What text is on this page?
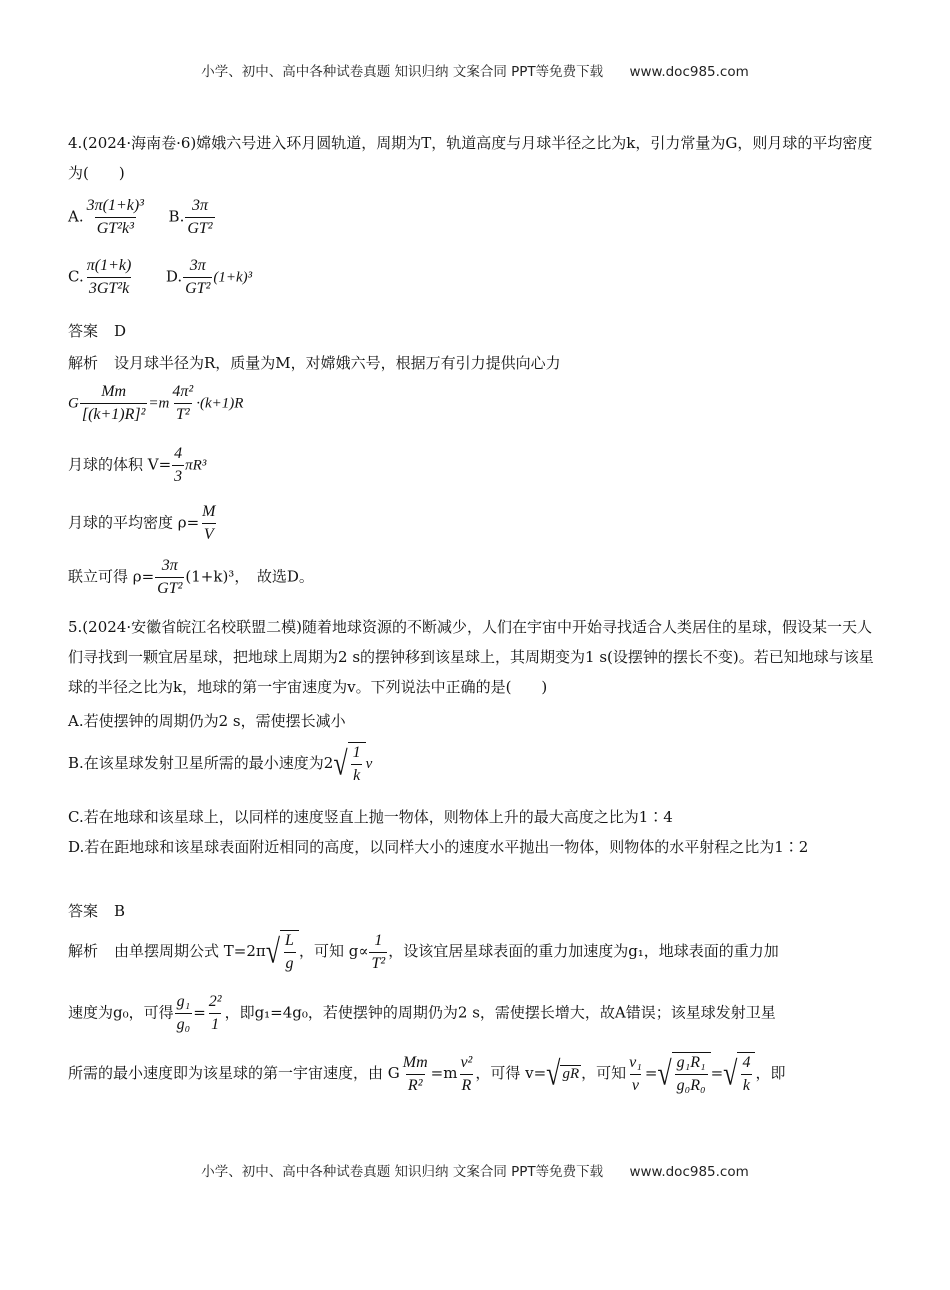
小学、初中、高中各种试卷真题 知识归纳 文案合同 PPT等免费下载 www.doc985.com
4.(2024·海南卷·6)嫦娥六号进入环月圆轨道，周期为T，轨道高度与月球半径之比为k，引力常量为G，则月球的平均密度为(　　)
A. $\frac{\text{3π(1+k)³}}{\text{GT²k³}} B$. $\frac{3\pi}{\text{GT²}}$
C. $\frac{\pi(1+k)}{\text{3GT²k}} D$. $\frac{3\pi}{\text{GT²}} (1+k)^3$
答案 D
解析 设月球半径为R，质量为M，对嫦娥六号，根据万有引力提供向心力
G $\frac{Mm}{\text{[(k+1)R]²}} =m \frac{\text{4π²}}{\text{T²}} \cdot(k+1)R$
月球的体积 $V= \frac{4}{3} \pi R^3$
月球的平均密度 $\rho= \frac{M}{V}$
联立可得 $\rho= \frac{3\pi}{\text{GT²}} (1+k)^3$，　故选D。
5.(2024·安徽省皖江名校联盟二模)随着地球资源的不断减少，人们在宇宙中开始寻找适合人类居住的星球，假设某一天人们寻找到一颗宜居星球，把地球上周期为2 s的摆钟移到该星球上，其周期变为1 s(设摆钟的摆长不变)。若已知地球与该星球的半径之比为k，地球的第一宇宙速度为v。下列说法中正确的是(　　)
A.若使摆钟的周期仍为2 s，需使摆长减小
B.在该星球发射卫星所需的最小速度为2 √ $\frac{1}{k}$ v
C.若在地球和该星球上，以同样的速度竖直上抛一物体，则物体上升的最大高度之比为1∶4
D.若在距地球和该星球表面附近相同的高度，以同样大小的速度水平抛出一物体，则物体的水平射程之比为1∶2
答案 B
解析 由单摆周期公式 T=2π √ $\frac{L}{g}$ ，可知 $g\propto \frac{1}{\text{T²}}$ ，设该宜居星球表面的重力加速度为g₁，地球表面的重力加
速度为g₀，可得 $\frac{\text{g₁}}{\text{g₀}} = \frac{\text{2²}}{1}$ ，即g₁=4g₀，若使摆钟的周期仍为2 s，需使摆长增大，故A错误；该星球发射卫星
所需的最小速度即为该星球的第一宇宙速度，由 G $\frac{Mm}{\text{R²}} =m \frac{\text{v²}}{R}$ ，可得 v= √ gR ，可知 $\frac{\text{v₁}}{v}$ = √ $\frac{\text{g₁R₁}}{\text{g₀R₀}}$ = √ $\frac{4}{k}$ ，即
小学、初中、高中各种试卷真题 知识归纳 文案合同 PPT等免费下载 www.doc985.com
